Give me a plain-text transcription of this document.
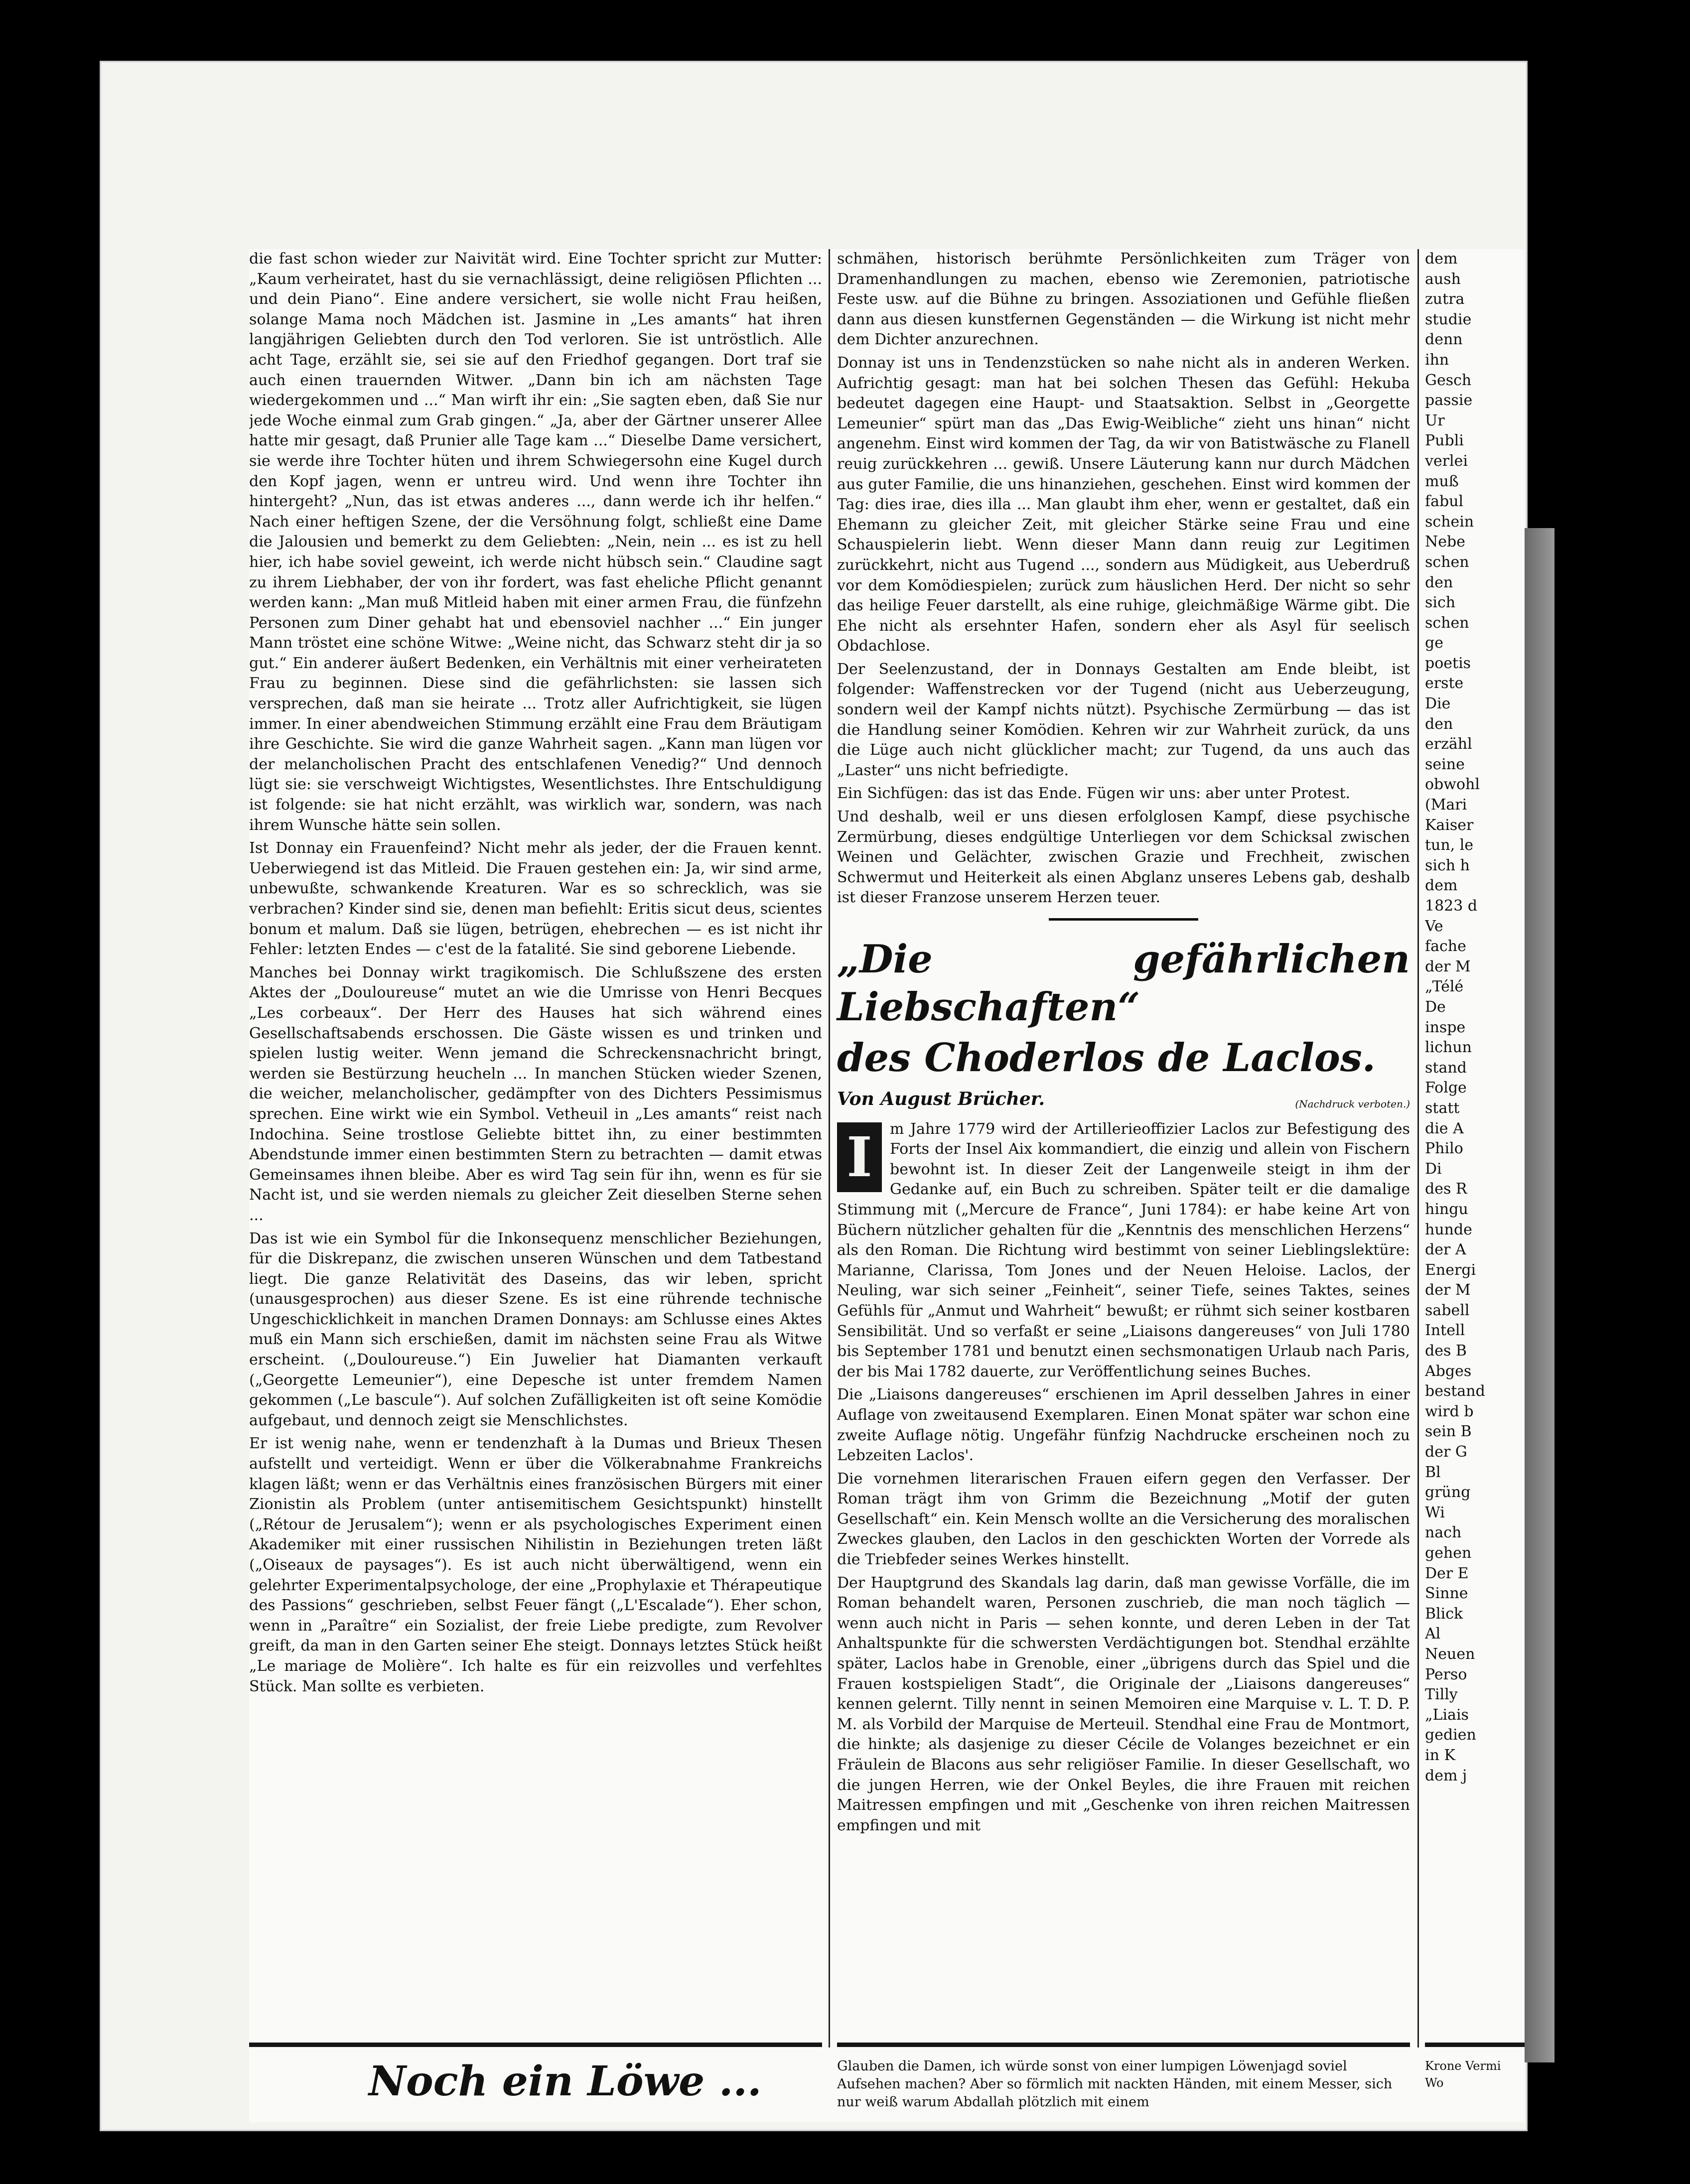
die fast schon wieder zur Naivität wird. Eine Tochter spricht zur Mutter: „Kaum verheiratet, hast du sie vernachlässigt, deine religiösen Pflichten ... und dein Piano“. Eine andere versichert, sie wolle nicht Frau heißen, solange Mama noch Mädchen ist. Jasmine in „Les amants“ hat ihren langjährigen Geliebten durch den Tod verloren. Sie ist untröstlich. Alle acht Tage, erzählt sie, sei sie auf den Friedhof gegangen. Dort traf sie auch einen trauernden Witwer. „Dann bin ich am nächsten Tage wiedergekommen und ...“ Man wirft ihr ein: „Sie sagten eben, daß Sie nur jede Woche einmal zum Grab gingen.“ „Ja, aber der Gärtner unserer Allee hatte mir gesagt, daß Prunier alle Tage kam ...“ Dieselbe Dame versichert, sie werde ihre Tochter hüten und ihrem Schwiegersohn eine Kugel durch den Kopf jagen, wenn er untreu wird. Und wenn ihre Tochter ihn hintergeht? „Nun, das ist etwas anderes ..., dann werde ich ihr helfen.“ Nach einer heftigen Szene, der die Versöhnung folgt, schließt eine Dame die Jalousien und bemerkt zu dem Geliebten: „Nein, nein ... es ist zu hell hier, ich habe soviel geweint, ich werde nicht hübsch sein.“ Claudine sagt zu ihrem Liebhaber, der von ihr fordert, was fast eheliche Pflicht genannt werden kann: „Man muß Mitleid haben mit einer armen Frau, die fünfzehn Personen zum Diner gehabt hat und ebensoviel nachher ...“ Ein junger Mann tröstet eine schöne Witwe: „Weine nicht, das Schwarz steht dir ja so gut.“ Ein anderer äußert Bedenken, ein Verhältnis mit einer verheirateten Frau zu beginnen. Diese sind die gefährlichsten: sie lassen sich versprechen, daß man sie heirate ... Trotz aller Aufrichtigkeit, sie lügen immer. In einer abendweichen Stimmung erzählt eine Frau dem Bräutigam ihre Geschichte. Sie wird die ganze Wahrheit sagen. „Kann man lügen vor der melancholischen Pracht des entschlafenen Venedig?“ Und dennoch lügt sie: sie verschweigt Wichtigstes, Wesentlichstes. Ihre Entschuldigung ist folgende: sie hat nicht erzählt, was wirklich war, sondern, was nach ihrem Wunsche hätte sein sollen.

Ist Donnay ein Frauenfeind? Nicht mehr als jeder, der die Frauen kennt. Ueberwiegend ist das Mitleid. Die Frauen gestehen ein: Ja, wir sind arme, unbewußte, schwankende Kreaturen. War es so schrecklich, was sie verbrachen? Kinder sind sie, denen man befiehlt: Eritis sicut deus, scientes bonum et malum. Daß sie lügen, betrügen, ehebrechen — es ist nicht ihr Fehler: letzten Endes — c'est de la fatalité. Sie sind geborene Liebende.

Manches bei Donnay wirkt tragikomisch. Die Schlußszene des ersten Aktes der „Douloureuse“ mutet an wie die Umrisse von Henri Becques „Les corbeaux“. Der Herr des Hauses hat sich während eines Gesellschaftsabends erschossen. Die Gäste wissen es und trinken und spielen lustig weiter. Wenn jemand die Schreckensnachricht bringt, werden sie Bestürzung heucheln ... In manchen Stücken wieder Szenen, die weicher, melancholischer, gedämpfter von des Dichters Pessimismus sprechen. Eine wirkt wie ein Symbol. Vetheuil in „Les amants“ reist nach Indochina. Seine trostlose Geliebte bittet ihn, zu einer bestimmten Abendstunde immer einen bestimmten Stern zu betrachten — damit etwas Gemeinsames ihnen bleibe. Aber es wird Tag sein für ihn, wenn es für sie Nacht ist, und sie werden niemals zu gleicher Zeit dieselben Sterne sehen ...

Das ist wie ein Symbol für die Inkonsequenz menschlicher Beziehungen, für die Diskrepanz, die zwischen unseren Wünschen und dem Tatbestand liegt. Die ganze Relativität des Daseins, das wir leben, spricht (unausgesprochen) aus dieser Szene. Es ist eine rührende technische Ungeschicklichkeit in manchen Dramen Donnays: am Schlusse eines Aktes muß ein Mann sich erschießen, damit im nächsten seine Frau als Witwe erscheint. („Douloureuse.“) Ein Juwelier hat Diamanten verkauft („Georgette Lemeunier“), eine Depesche ist unter fremdem Namen gekommen („Le bascule“). Auf solchen Zufälligkeiten ist oft seine Komödie aufgebaut, und dennoch zeigt sie Menschlichstes.

Er ist wenig nahe, wenn er tendenzhaft à la Dumas und Brieux Thesen aufstellt und verteidigt. Wenn er über die Völkerabnahme Frankreichs klagen läßt; wenn er das Verhältnis eines französischen Bürgers mit einer Zionistin als Problem (unter antisemitischem Gesichtspunkt) hinstellt („Rétour de Jerusalem“); wenn er als psychologisches Experiment einen Akademiker mit einer russischen Nihilistin in Beziehungen treten läßt („Oiseaux de paysages“). Es ist auch nicht überwältigend, wenn ein gelehrter Experimentalpsychologe, der eine „Prophylaxie et Thérapeutique des Passions“ geschrieben, selbst Feuer fängt („L'Escalade“). Eher schon, wenn in „Paraître“ ein Sozialist, der freie Liebe predigte, zum Revolver greift, da man in den Garten seiner Ehe steigt. Donnays letztes Stück heißt „Le mariage de Molière“. Ich halte es für ein reizvolles und verfehltes Stück. Man sollte es verbieten.

schmähen, historisch berühmte Persönlichkeiten zum Träger von Dramenhandlungen zu machen, ebenso wie Zeremonien, patriotische Feste usw. auf die Bühne zu bringen. Assoziationen und Gefühle fließen dann aus diesen kunstfernen Gegenständen — die Wirkung ist nicht mehr dem Dichter anzurechnen.

Donnay ist uns in Tendenzstücken so nahe nicht als in anderen Werken. Aufrichtig gesagt: man hat bei solchen Thesen das Gefühl: Hekuba bedeutet dagegen eine Haupt- und Staatsaktion. Selbst in „Georgette Lemeunier“ spürt man das „Das Ewig-Weibliche“ zieht uns hinan“ nicht angenehm. Einst wird kommen der Tag, da wir von Batistwäsche zu Flanell reuig zurückkehren ... gewiß. Unsere Läuterung kann nur durch Mädchen aus guter Familie, die uns hinanziehen, geschehen. Einst wird kommen der Tag: dies irae, dies illa ... Man glaubt ihm eher, wenn er gestaltet, daß ein Ehemann zu gleicher Zeit, mit gleicher Stärke seine Frau und eine Schauspielerin liebt. Wenn dieser Mann dann reuig zur Legitimen zurückkehrt, nicht aus Tugend ..., sondern aus Müdigkeit, aus Ueberdruß vor dem Komödiespielen; zurück zum häuslichen Herd. Der nicht so sehr das heilige Feuer darstellt, als eine ruhige, gleichmäßige Wärme gibt. Die Ehe nicht als ersehnter Hafen, sondern eher als Asyl für seelisch Obdachlose.

Der Seelenzustand, der in Donnays Gestalten am Ende bleibt, ist folgender: Waffenstrecken vor der Tugend (nicht aus Ueberzeugung, sondern weil der Kampf nichts nützt). Psychische Zermürbung — das ist die Handlung seiner Komödien. Kehren wir zur Wahrheit zurück, da uns die Lüge auch nicht glücklicher macht; zur Tugend, da uns auch das „Laster“ uns nicht befriedigte.

Ein Sichfügen: das ist das Ende. Fügen wir uns: aber unter Protest.

Und deshalb, weil er uns diesen erfolglosen Kampf, diese psychische Zermürbung, dieses endgültige Unterliegen vor dem Schicksal zwischen Weinen und Gelächter, zwischen Grazie und Frechheit, zwischen Schwermut und Heiterkeit als einen Abglanz unseres Lebens gab, deshalb ist dieser Franzose unserem Herzen teuer.

„Die gefährlichen Liebschaften“

des Choderlos de Laclos.

Von August Brücher.	(Nachdruck verboten.)

I	m Jahre 1779 wird der Artillerieoffizier Laclos zur Befestigung des Forts der Insel Aix kommandiert, die einzig und allein von Fischern bewohnt ist. In dieser Zeit der Langenweile steigt in ihm der Gedanke auf, ein Buch zu schreiben. Später teilt er die damalige Stimmung mit („Mercure de France“, Juni 1784): er habe keine Art von Büchern nützlicher gehalten für die „Kenntnis des menschlichen Herzens“ als den Roman. Die Richtung wird bestimmt von seiner Lieblingslektüre: Marianne, Clarissa, Tom Jones und der Neuen Heloise. Laclos, der Neuling, war sich seiner „Feinheit“, seiner Tiefe, seines Taktes, seines Gefühls für „Anmut und Wahrheit“ bewußt; er rühmt sich seiner kostbaren Sensibilität. Und so verfaßt er seine „Liaisons dangereuses“ von Juli 1780 bis September 1781 und benutzt einen sechsmonatigen Urlaub nach Paris, der bis Mai 1782 dauerte, zur Veröffentlichung seines Buches.

Die „Liaisons dangereuses“ erschienen im April desselben Jahres in einer Auflage von zweitausend Exemplaren. Einen Monat später war schon eine zweite Auflage nötig. Ungefähr fünfzig Nachdrucke erscheinen noch zu Lebzeiten Laclos'.

Die vornehmen literarischen Frauen eifern gegen den Verfasser. Der Roman trägt ihm von Grimm die Bezeichnung „Motif der guten Gesellschaft“ ein. Kein Mensch wollte an die Versicherung des moralischen Zweckes glauben, den Laclos in den geschickten Worten der Vorrede als die Triebfeder seines Werkes hinstellt.

Der Hauptgrund des Skandals lag darin, daß man gewisse Vorfälle, die im Roman behandelt waren, Personen zuschrieb, die man noch täglich — wenn auch nicht in Paris — sehen konnte, und deren Leben in der Tat Anhaltspunkte für die schwersten Verdächtigungen bot. Stendhal erzählte später, Laclos habe in Grenoble, einer „übrigens durch das Spiel und die Frauen kostspieligen Stadt“, die Originale der „Liaisons dangereuses“ kennen gelernt. Tilly nennt in seinen Memoiren eine Marquise v. L. T. D. P. M. als Vorbild der Marquise de Merteuil. Stendhal eine Frau de Montmort, die hinkte; als dasjenige zu dieser Cécile de Volanges bezeichnet er ein Fräulein de Blacons aus sehr religiöser Familie. In dieser Gesellschaft, wo die jungen Herren, wie der Onkel Beyles, die ihre Frauen mit reichen Maitressen empfingen und mit „Geschenke von ihren reichen Maitressen empfingen und mit

dem
aush
zutra
studie
denn
ihn
Gesch
passie
Ur
Publi
verlei
muß
fabul
schein
Nebe
schen
den
sich
schen
ge
poetis
erste
Die
den
erzähl
seine
obwohl
(Mari
Kaiser
tun, le
sich h
dem
1823 d
Ve
fache
der M
„Télé
De
inspe
lichun
stand
Folge
statt
die A
Philo
Di
des R
hingu
hunde
der A
Energi
der M
sabell
Intell
des B
Abges
bestand
wird b
sein B
der G
Bl
grüng
Wi
nach
gehen
Der E
Sinne
Blick
Al
Neuen
Perso
Tilly
„Liais
gedien
in K
dem j
Noch ein Löwe ...	Glauben die Damen, ich würde sonst von einer lumpigen Löwenjagd soviel Aufsehen machen? Aber so förmlich mit nackten Händen, mit einem Messer, sich nur weiß warum Abdallah plötzlich mit einem
Krone Vermi Wo
